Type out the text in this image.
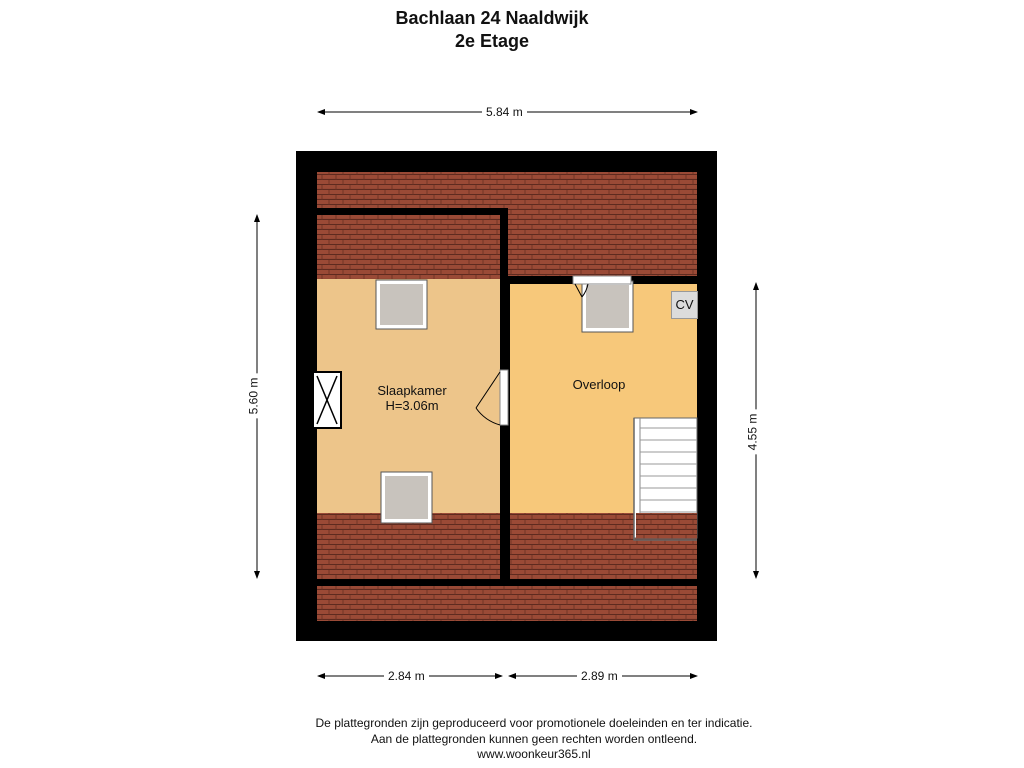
Bachlaan 24 Naaldwijk
2e Etage
5.84 m
5.60 m
4.55 m
2.84 m	2.89 m
Slaapkamer
H=3.06m
Overloop
CV
De plattegronden zijn geproduceerd voor promotionele doeleinden en ter indicatie.
Aan de plattegronden kunnen geen rechten worden ontleend.
www.woonkeur365.nl
